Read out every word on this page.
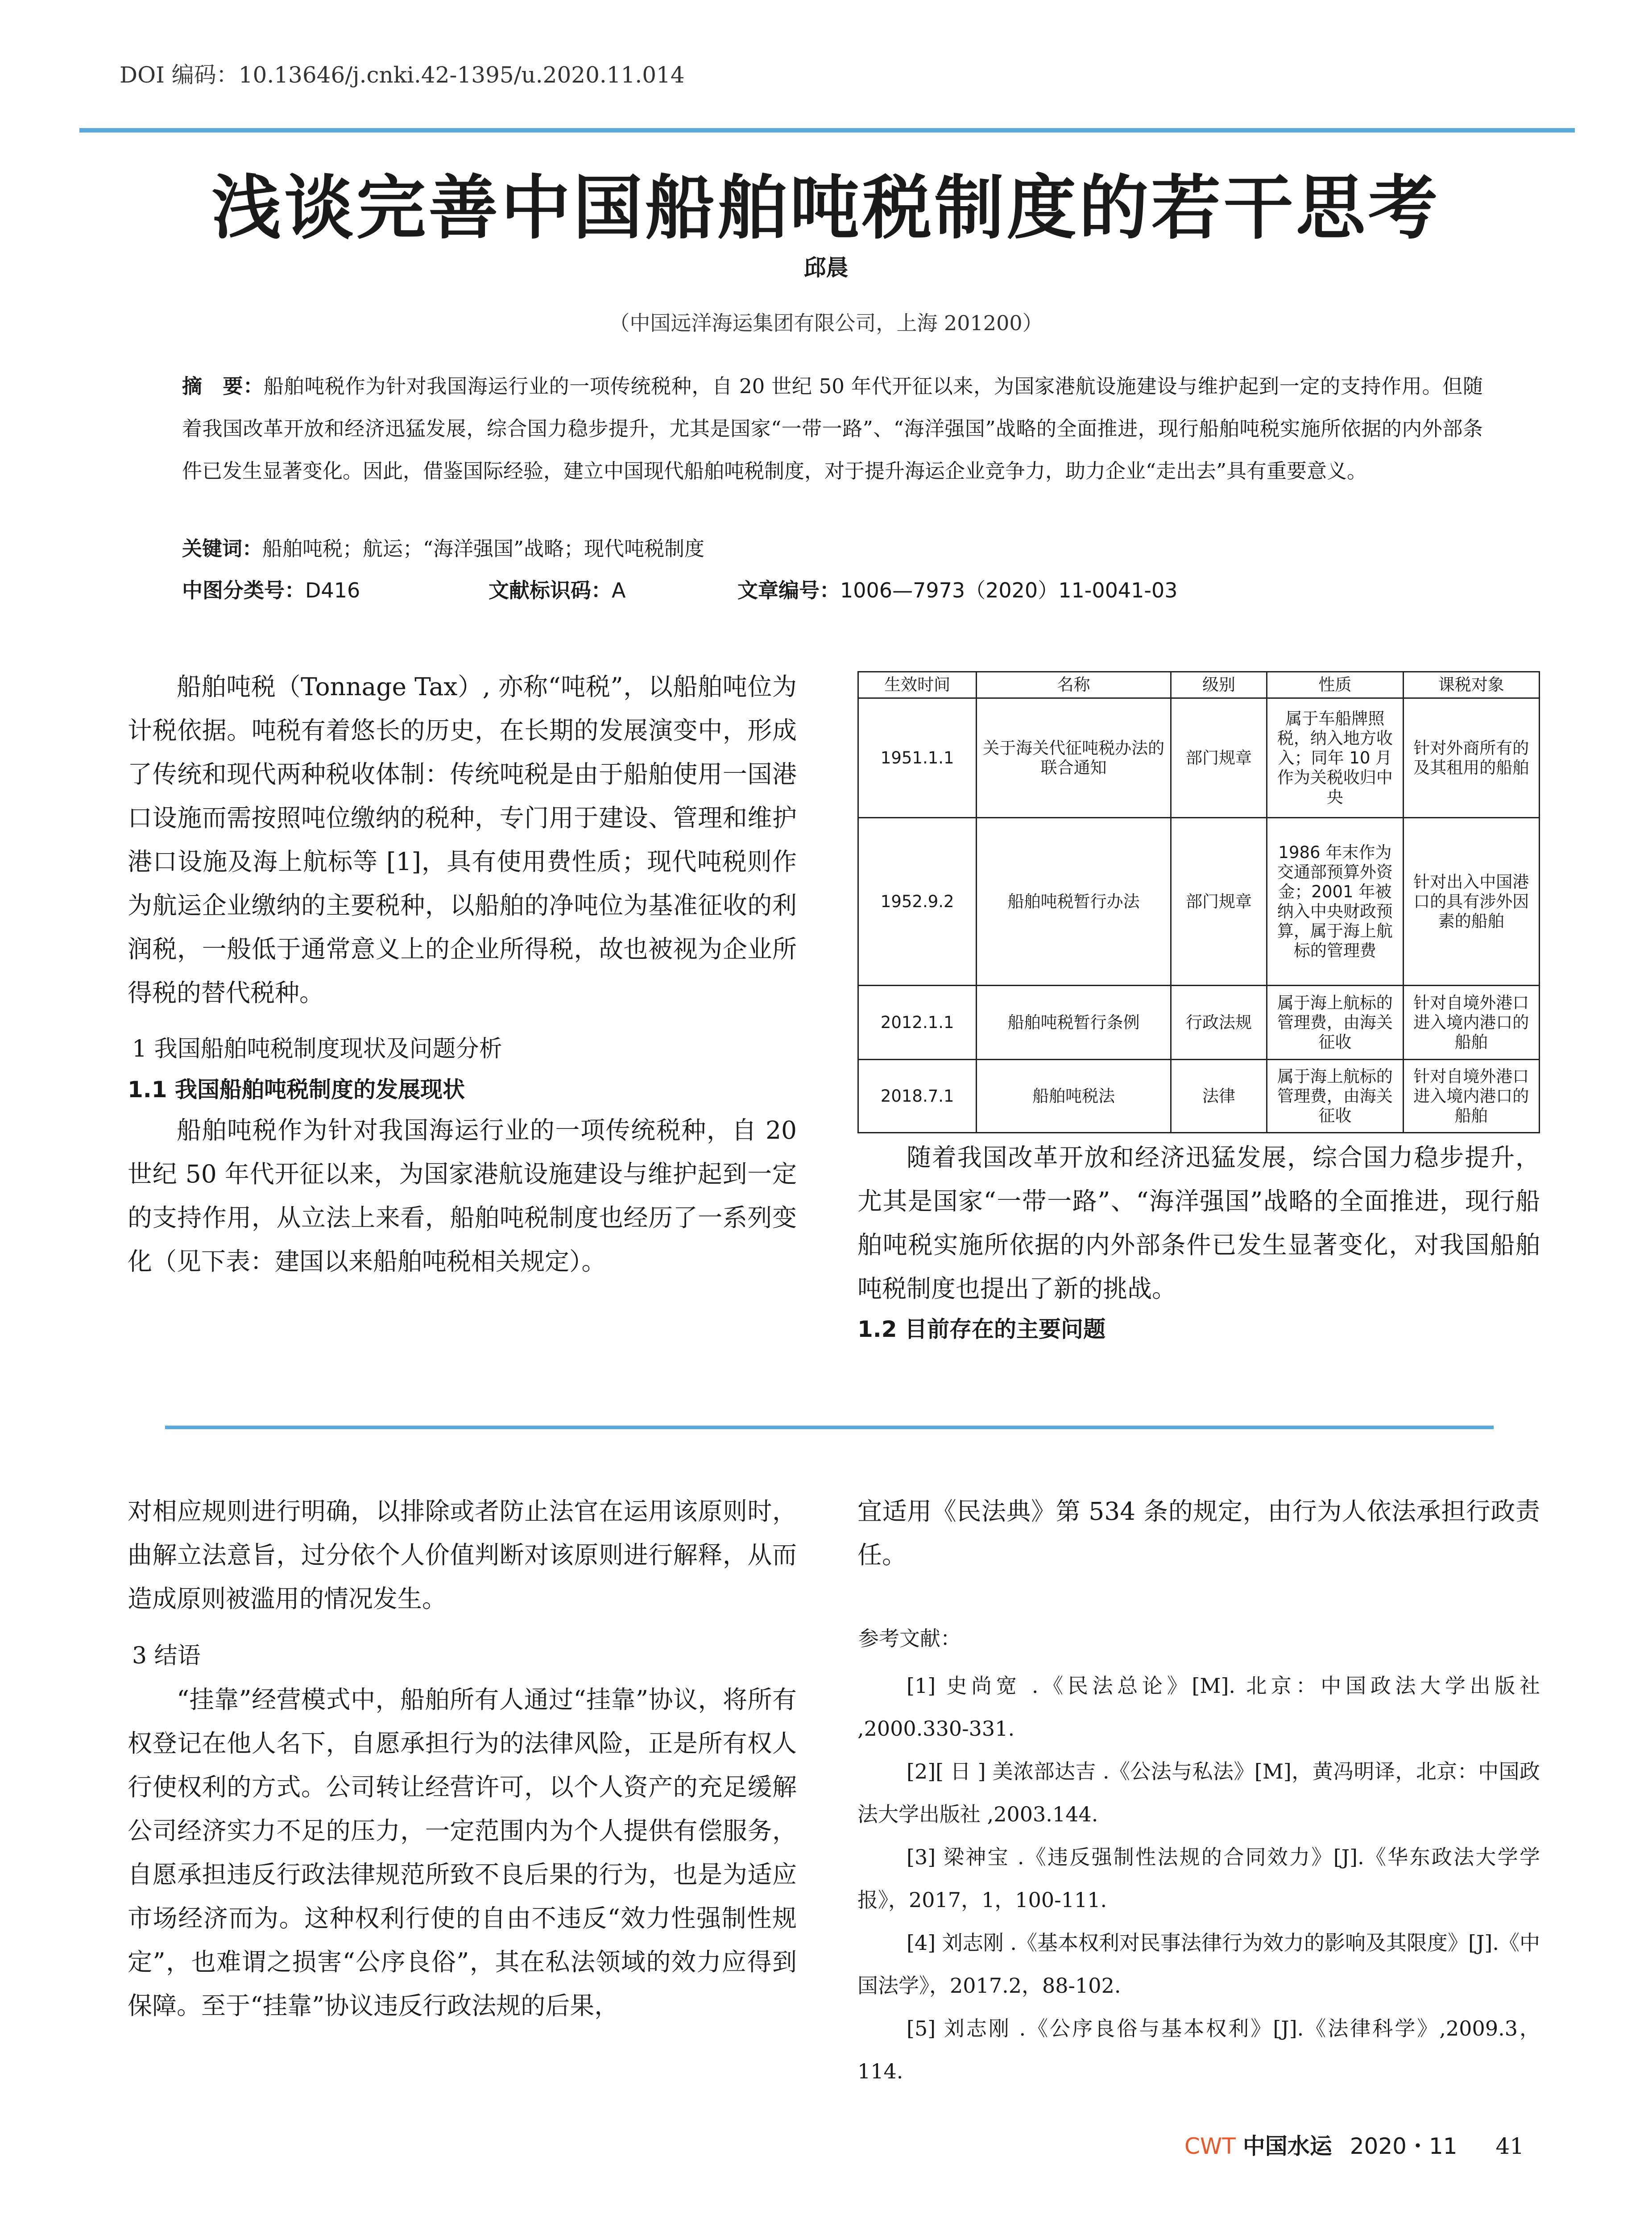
DOI 编码：10.13646/j.cnki.42-1395/u.2020.11.014
浅谈完善中国船舶吨税制度的若干思考
邱晨
（中国远洋海运集团有限公司，上海 201200）
摘　要：船舶吨税作为针对我国海运行业的一项传统税种，自 20 世纪 50 年代开征以来，为国家港航设施建设与维护起到一定的支持作用。但随着我国改革开放和经济迅猛发展，综合国力稳步提升，尤其是国家“一带一路”、“海洋强国”战略的全面推进，现行船舶吨税实施所依据的内外部条件已发生显著变化。因此，借鉴国际经验，建立中国现代船舶吨税制度，对于提升海运企业竞争力，助力企业“走出去”具有重要意义。
关键词：船舶吨税；航运；“海洋强国”战略；现代吨税制度
中图分类号：D416	文献标识码：A	文章编号：1006—7973（2020）11-0041-03

船舶吨税（Tonnage Tax）, 亦称“吨税”，以船舶吨位为计税依据。吨税有着悠长的历史，在长期的发展演变中，形成了传统和现代两种税收体制：传统吨税是由于船舶使用一国港口设施而需按照吨位缴纳的税种，专门用于建设、管理和维护港口设施及海上航标等 [1]，具有使用费性质；现代吨税则作为航运企业缴纳的主要税种，以船舶的净吨位为基准征收的利润税，一般低于通常意义上的企业所得税，故也被视为企业所得税的替代税种。

1 我国船舶吨税制度现状及问题分析
1.1 我国船舶吨税制度的发展现状

船舶吨税作为针对我国海运行业的一项传统税种，自 20 世纪 50 年代开征以来，为国家港航设施建设与维护起到一定的支持作用，从立法上来看，船舶吨税制度也经历了一系列变化（见下表：建国以来船舶吨税相关规定）。

生效时间	名称	级别	性质	课税对象
1951.1.1	关于海关代征吨税办法的联合通知	部门规章	属于车船牌照税，纳入地方收入；同年 10 月作为关税收归中央	针对外商所有的及其租用的船舶
1952.9.2	船舶吨税暂行办法	部门规章	1986 年末作为交通部预算外资金；2001 年被纳入中央财政预算，属于海上航标的管理费	针对出入中国港口的具有涉外因素的船舶
2012.1.1	船舶吨税暂行条例	行政法规	属于海上航标的管理费，由海关征收	针对自境外港口进入境内港口的船舶
2018.7.1	船舶吨税法	法律	属于海上航标的管理费，由海关征收	针对自境外港口进入境内港口的船舶

随着我国改革开放和经济迅猛发展，综合国力稳步提升，尤其是国家“一带一路”、“海洋强国”战略的全面推进，现行船舶吨税实施所依据的内外部条件已发生显著变化，对我国船舶吨税制度也提出了新的挑战。

1.2 目前存在的主要问题

对相应规则进行明确，以排除或者防止法官在运用该原则时，曲解立法意旨，过分依个人价值判断对该原则进行解释，从而造成原则被滥用的情况发生。

3 结语

“挂靠”经营模式中，船舶所有人通过“挂靠”协议，将所有权登记在他人名下，自愿承担行为的法律风险，正是所有权人行使权利的方式。公司转让经营许可，以个人资产的充足缓解公司经济实力不足的压力，一定范围内为个人提供有偿服务，自愿承担违反行政法律规范所致不良后果的行为，也是为适应市场经济而为。这种权利行使的自由不违反“效力性强制性规定”，也难谓之损害“公序良俗”，其在私法领域的效力应得到保障。至于“挂靠”协议违反行政法规的后果，

宜适用《民法典》第 534 条的规定，由行为人依法承担行政责任。

参考文献：

[1] 史尚宽 .《民法总论》[M]. 北京：中国政法大学出版社 ,2000.330-331.

[2][ 日 ] 美浓部达吉 .《公法与私法》[M]，黄冯明译，北京：中国政法大学出版社 ,2003.144.

[3] 梁神宝 .《违反强制性法规的合同效力》[J].《华东政法大学学报》，2017，1，100-111.

[4] 刘志刚 .《基本权利对民事法律行为效力的影响及其限度》[J].《中国法学》，2017.2，88-102.

[5] 刘志刚 .《公序良俗与基本权利》[J].《法律科学》,2009.3，114.

CWT 中国水运 2020・11 41
